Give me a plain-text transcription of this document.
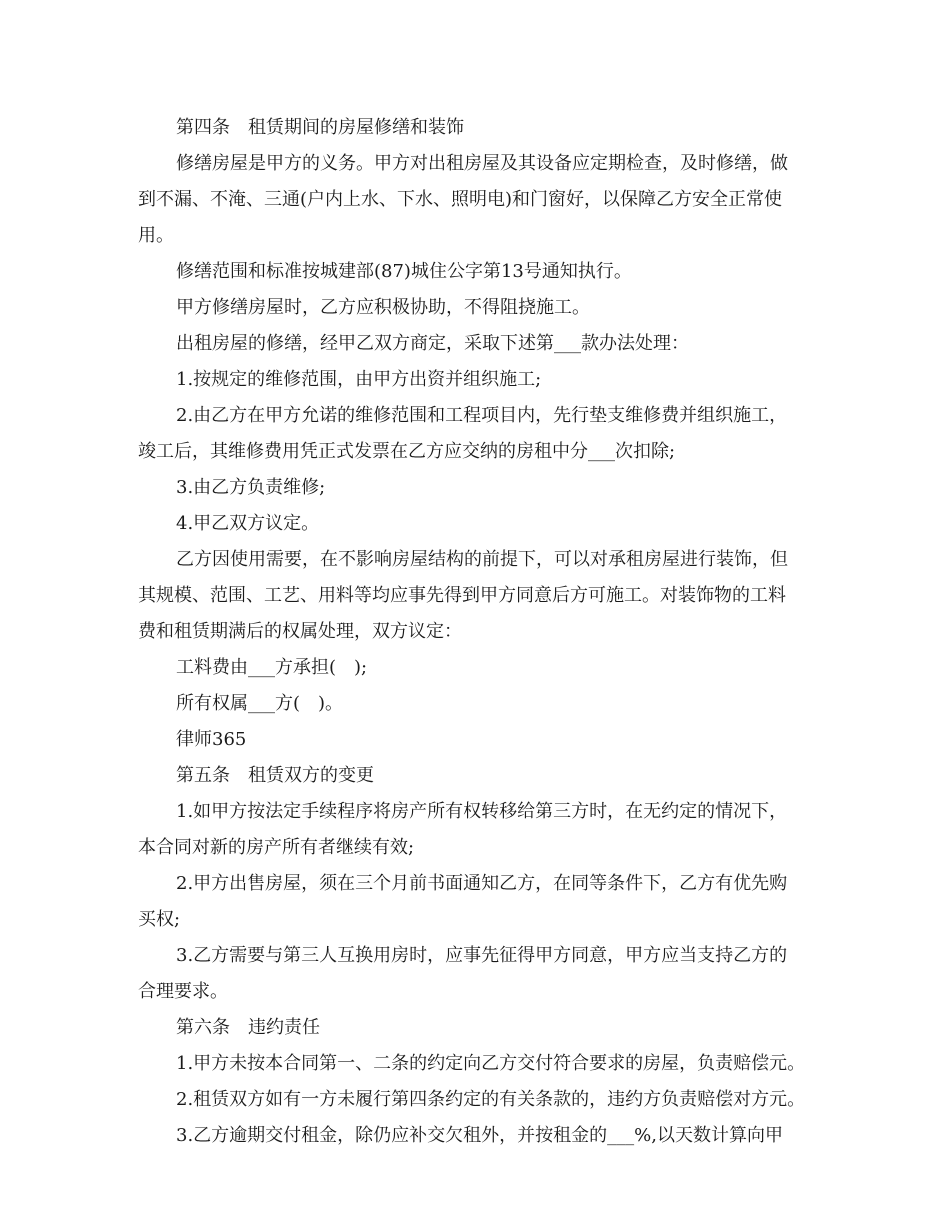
第四条　租赁期间的房屋修缮和装饰
修缮房屋是甲方的义务。甲方对出租房屋及其设备应定期检查，及时修缮，做
到不漏、不淹、三通(户内上水、下水、照明电)和门窗好，以保障乙方安全正常使
用。
修缮范围和标准按城建部(87)城住公字第13号通知执行。
甲方修缮房屋时，乙方应积极协助，不得阻挠施工。
出租房屋的修缮，经甲乙双方商定，采取下述第___款办法处理：
1.按规定的维修范围，由甲方出资并组织施工;
2.由乙方在甲方允诺的维修范围和工程项目内，先行垫支维修费并组织施工，
竣工后，其维修费用凭正式发票在乙方应交纳的房租中分___次扣除;
3.由乙方负责维修;
4.甲乙双方议定。
乙方因使用需要，在不影响房屋结构的前提下，可以对承租房屋进行装饰，但
其规模、范围、工艺、用料等均应事先得到甲方同意后方可施工。对装饰物的工料
费和租赁期满后的权属处理，双方议定：
工料费由___方承担(　);
所有权属___方(　)。
律师365
第五条　租赁双方的变更
1.如甲方按法定手续程序将房产所有权转移给第三方时，在无约定的情况下，
本合同对新的房产所有者继续有效;
2.甲方出售房屋，须在三个月前书面通知乙方，在同等条件下，乙方有优先购
买权;
3.乙方需要与第三人互换用房时，应事先征得甲方同意，甲方应当支持乙方的
合理要求。
第六条　违约责任
1.甲方未按本合同第一、二条的约定向乙方交付符合要求的房屋，负责赔偿元。
2.租赁双方如有一方未履行第四条约定的有关条款的，违约方负责赔偿对方元。
3.乙方逾期交付租金，除仍应补交欠租外，并按租金的___%,以天数计算向甲
